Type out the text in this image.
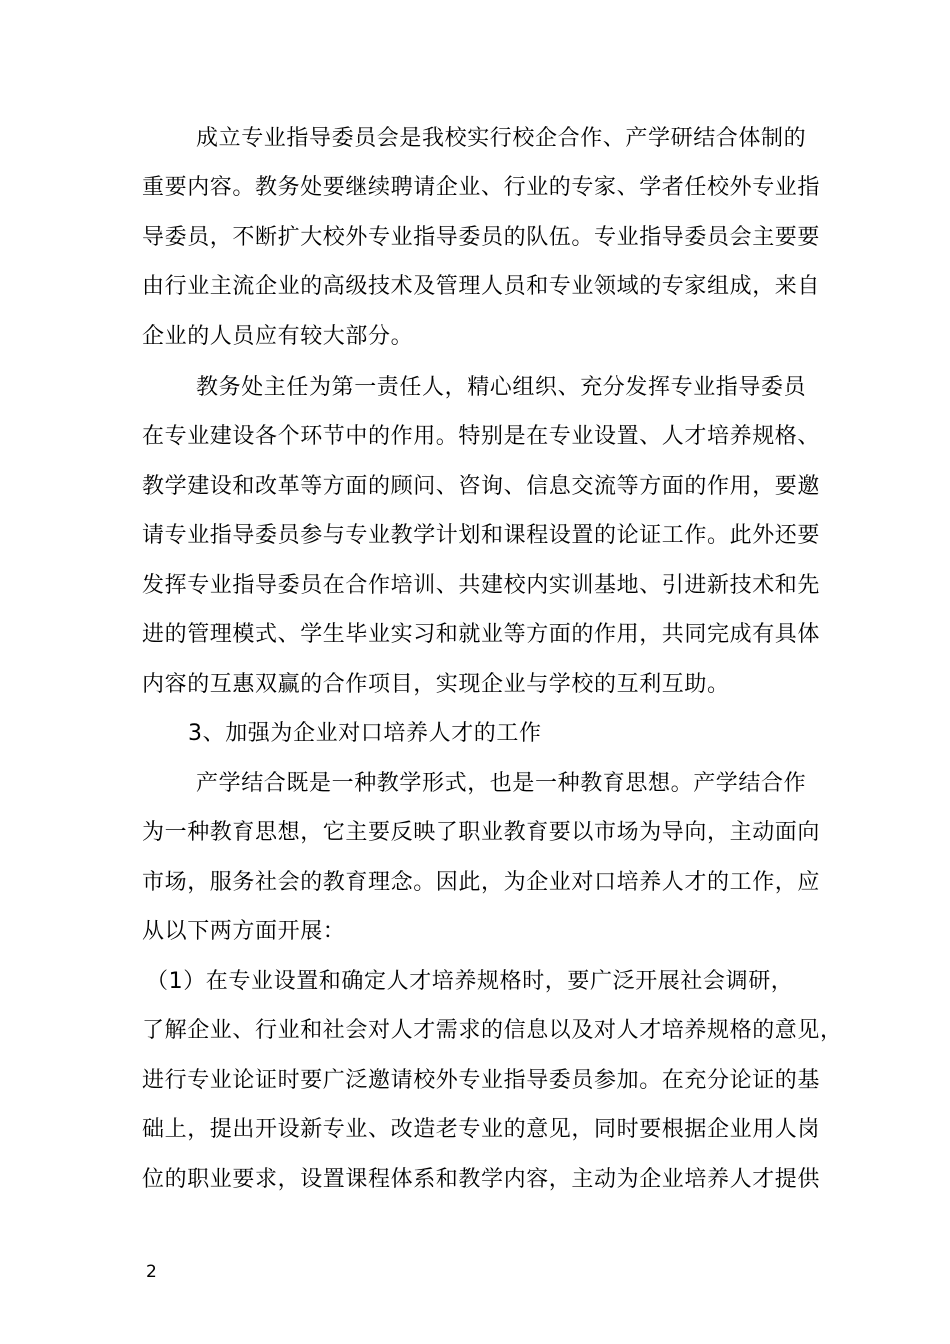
成立专业指导委员会是我校实行校企合作、产学研结合体制的
重要内容。教务处要继续聘请企业、行业的专家、学者任校外专业指
导委员，不断扩大校外专业指导委员的队伍。专业指导委员会主要要
由行业主流企业的高级技术及管理人员和专业领域的专家组成，来自
企业的人员应有较大部分。
教务处主任为第一责任人，精心组织、充分发挥专业指导委员
在专业建设各个环节中的作用。特别是在专业设置、人才培养规格、
教学建设和改革等方面的顾问、咨询、信息交流等方面的作用，要邀
请专业指导委员参与专业教学计划和课程设置的论证工作。此外还要
发挥专业指导委员在合作培训、共建校内实训基地、引进新技术和先
进的管理模式、学生毕业实习和就业等方面的作用，共同完成有具体
内容的互惠双赢的合作项目，实现企业与学校的互利互助。
3、加强为企业对口培养人才的工作
产学结合既是一种教学形式，也是一种教育思想。产学结合作
为一种教育思想，它主要反映了职业教育要以市场为导向，主动面向
市场，服务社会的教育理念。因此，为企业对口培养人才的工作，应
从以下两方面开展：
（1）在专业设置和确定人才培养规格时，要广泛开展社会调研，
了解企业、行业和社会对人才需求的信息以及对人才培养规格的意见，
进行专业论证时要广泛邀请校外专业指导委员参加。在充分论证的基
础上，提出开设新专业、改造老专业的意见，同时要根据企业用人岗
位的职业要求，设置课程体系和教学内容，主动为企业培养人才提供
2
